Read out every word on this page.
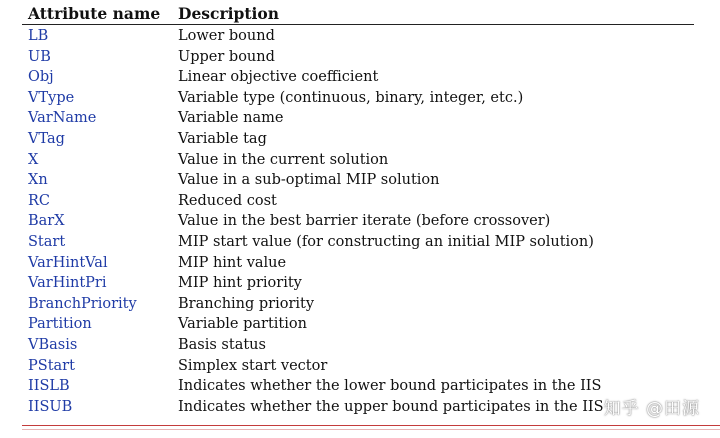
Attribute name	Description
LB	Lower bound
UB	Upper bound
Obj	Linear objective coefficient
VType	Variable type (continuous, binary, integer, etc.)
VarName	Variable name
VTag	Variable tag
X	Value in the current solution
Xn	Value in a sub-optimal MIP solution
RC	Reduced cost
BarX	Value in the best barrier iterate (before crossover)
Start	MIP start value (for constructing an initial MIP solution)
VarHintVal	MIP hint value
VarHintPri	MIP hint priority
BranchPriority	Branching priority
Partition	Variable partition
VBasis	Basis status
PStart	Simplex start vector
IISLB	Indicates whether the lower bound participates in the IIS
IISUB	Indicates whether the upper bound participates in the IIS 知乎 @田源
